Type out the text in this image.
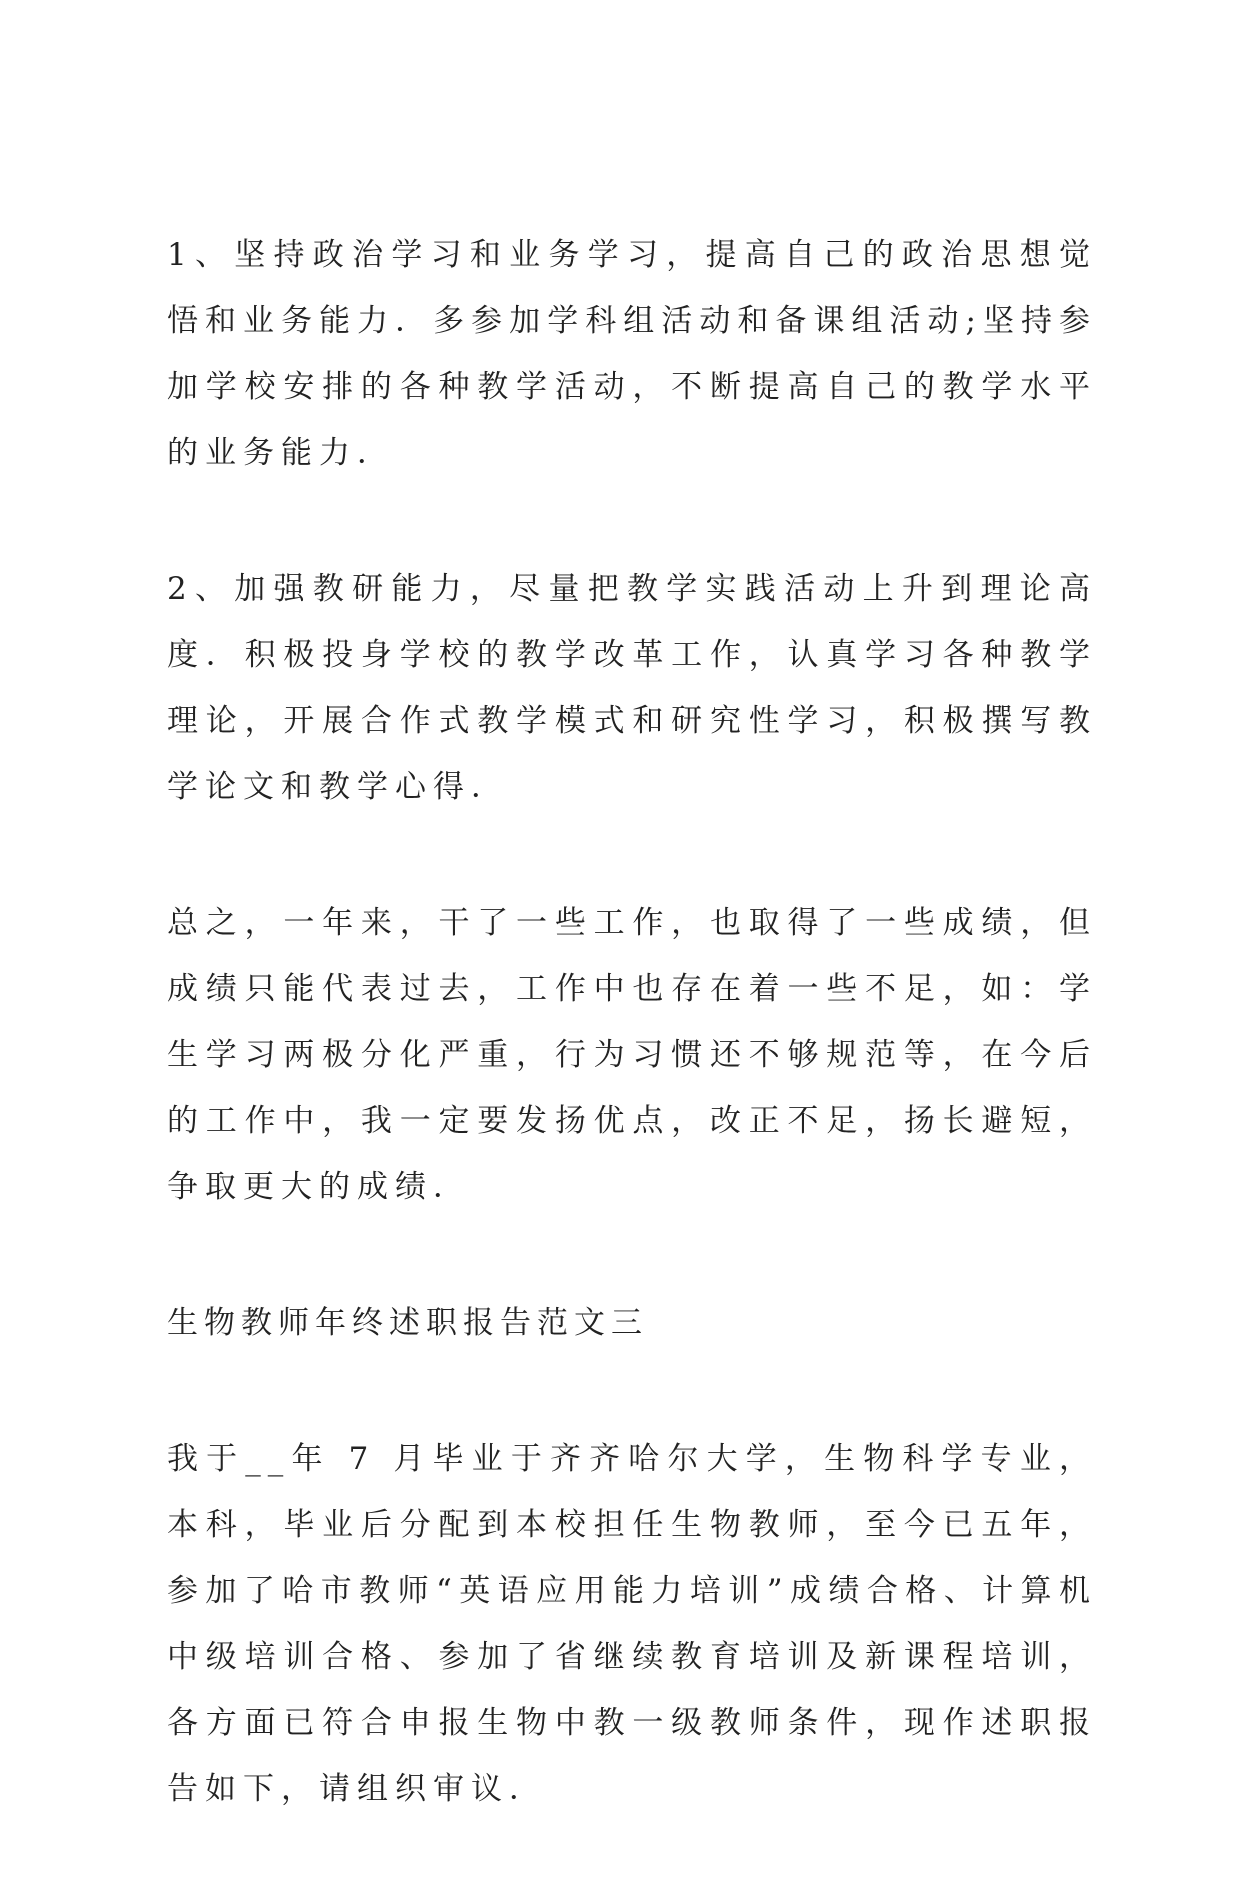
1、坚持政治学习和业务学习，提高自己的政治思想觉悟和业务能力．多参加学科组活动和备课组活动;坚持参加学校安排的各种教学活动，不断提高自己的教学水平的业务能力．

2、加强教研能力，尽量把教学实践活动上升到理论高度．积极投身学校的教学改革工作，认真学习各种教学理论，开展合作式教学模式和研究性学习，积极撰写教学论文和教学心得．

总之，一年来，干了一些工作，也取得了一些成绩，但成绩只能代表过去，工作中也存在着一些不足，如：学生学习两极分化严重，行为习惯还不够规范等，在今后的工作中，我一定要发扬优点，改正不足，扬长避短，争取更大的成绩．

生物教师年终述职报告范文三

我于__年 7 月毕业于齐齐哈尔大学，生物科学专业，本科，毕业后分配到本校担任生物教师，至今已五年，参加了哈市教师“英语应用能力培训”成绩合格、计算机中级培训合格、参加了省继续教育培训及新课程培训，各方面已符合申报生物中教一级教师条件，现作述职报告如下，请组织审议．
